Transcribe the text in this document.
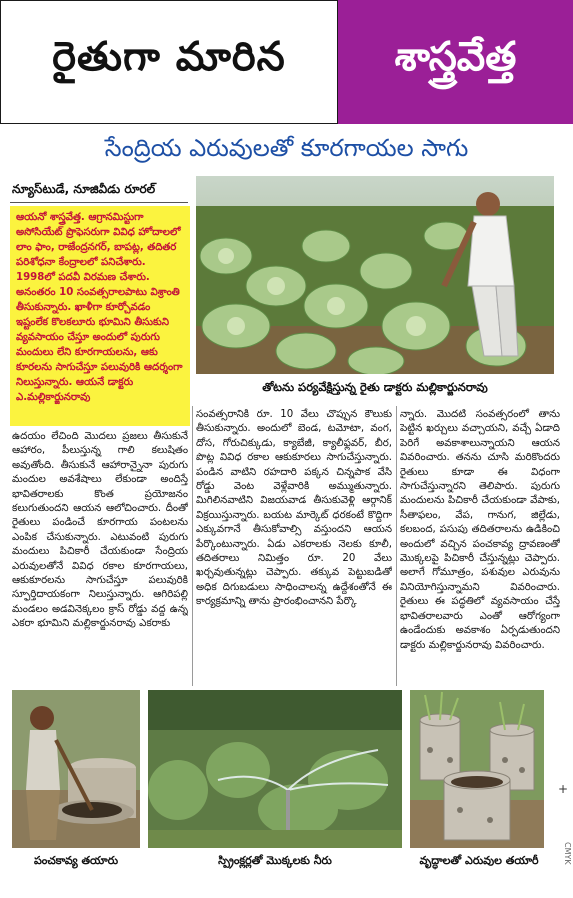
రైతుగా మారిన	శాస్త్రవేత్త
సేంద్రియ ఎరువులతో కూరగాయల సాగు
న్యూస్‌టుడే, నూజివీడు రూరల్‌
ఆయనో శాస్త్రవేత్త. ఆగ్రానమిస్టుగా అసోసియేట్ ప్రొఫెసరుగా వివిధ హోదాలలో లాం ఫాం, రాజేంద్రనగర్, బాపట్ల, తదితర పరిశోధనా కేంద్రాలలో పనిచేశారు. 1998లో పదవీ విరమణ చేశారు. అనంతరం 10 సంవత్సరాలపాటు విశ్రాంతి తీసుకున్నారు. ఖాళీగా కూర్చోవడం ఇష్టంలేక కొలకలూరు భూమిని తీసుకుని వ్యవసాయం చేస్తూ అందులో పురుగు మందులు లేని కూరగాయలను, ఆకు కూరలను సాగుచేస్తూ పలువురికి ఆదర్శంగా నిలుస్తున్నారు. ఆయనే డాక్టరు ఎ.మల్లికార్జునరావు
తోటను పర్యవేక్షిస్తున్న రైతు డాక్టరు మల్లికార్జునరావు
ఉదయం లేచింది మొదలు ప్రజలు తీసుకునే ఆహారం, పీలుస్తున్న గాలి కలుషితం అవుతోంది. తీసుకునే ఆహారాన్నైనా పురుగు మందుల అవశేషాలు లేకుండా అందిస్తే భావితరాలకు కొంత ప్రయోజనం కలుగుతుందని ఆయన ఆలోచించారు. దీంతో రైతులు పండించే కూరగాయ పంటలను ఎంపిక చేసుకున్నారు. ఎటువంటి పురుగు మందులు పిచికారీ చేయకుండా సేంద్రియ ఎరువులతోనే వివిధ రకాల కూరగాయలు, ఆకుకూరలను సాగుచేస్తూ పలువురికి స్ఫూర్తిదాయకంగా నిలుస్తున్నారు. ఆగిరిపల్లి మండలం అడవినెక్కలం క్రాస్ రోడ్డు వద్ద ఉన్న ఎకరా భూమిని మల్లికార్జునరావు ఎకరాకు
సంవత్సరానికి రూ. 10 వేలు చొప్పున కౌలుకు తీసుకున్నారు. అందులో బెండ, టమోటా, వంగ, దోస, గోరుచిక్కుడు, క్యాబేజీ, క్యాలీఫ్లవర్, బీర, పొట్ల వివిధ రకాల ఆకుకూరలు సాగుచేస్తున్నారు. పండిన వాటిని రహదారి పక్కన చిన్నపాక వేసి రోడ్డు వెంట వెళ్లేవారికి అమ్ముతున్నారు. మిగిలినవాటిని విజయవాడ తీసుకువెళ్లి ఆర్గానిక్ విక్రయిస్తున్నారు. బయట మార్కెట్ ధరకంటే కొద్దిగా ఎక్కువగానే తీసుకోవాల్సి వస్తుందని ఆయన పేర్కొంటున్నారు. ఏడు ఎకరాలకు నెలకు కూలీ, తదితరాలు నిమిత్తం రూ. 20 వేలు ఖర్చవుతున్నట్లు చెప్పారు. తక్కువ పెట్టుబడితో అధిక దిగుబడులు సాధించాలన్న ఉద్దేశంతోనే ఈ కార్యక్రమాన్ని తాను ప్రారంభించానని పేర్కొ
న్నారు. మొదటి సంవత్సరంలో తాను పెట్టిన ఖర్చులు వచ్చాయని, వచ్చే ఏడాది పెరిగే అవకాశాలున్నాయని ఆయన వివరించారు. తనను చూసి మరికొందరు రైతులు కూడా ఈ విధంగా సాగుచేస్తున్నారని తెలిపారు. పురుగు మందులను పిచికారీ చేయకుండా వేపాకు, సీతాఫలం, వేప, గానుగ, జిల్లేడు, కలబంద, పసుపు తదితరాలను ఉడికించి అందులో వచ్చిన పంచకావ్య ద్రావణంతో మొక్కలపై పిచికారీ చేస్తున్నట్లు చెప్పారు. అలాగే గోమూత్రం, పశువుల ఎరువును వినియోగిస్తున్నామని వివరించారు. రైతులు ఈ పద్ధతిలో వ్యవసాయం చేస్తే భావితరాలవారు ఎంతో ఆరోగ్యంగా ఉండేందుకు అవకాశం ఏర్పడుతుందని డాక్టరు మల్లికార్జునరావు వివరించారు.
పంచకావ్య తయారు	స్ప్రింక్లర్లతో మొక్కలకు నీరు	వృద్ధాలతో ఎరువుల తయారీ
+
CMYK
